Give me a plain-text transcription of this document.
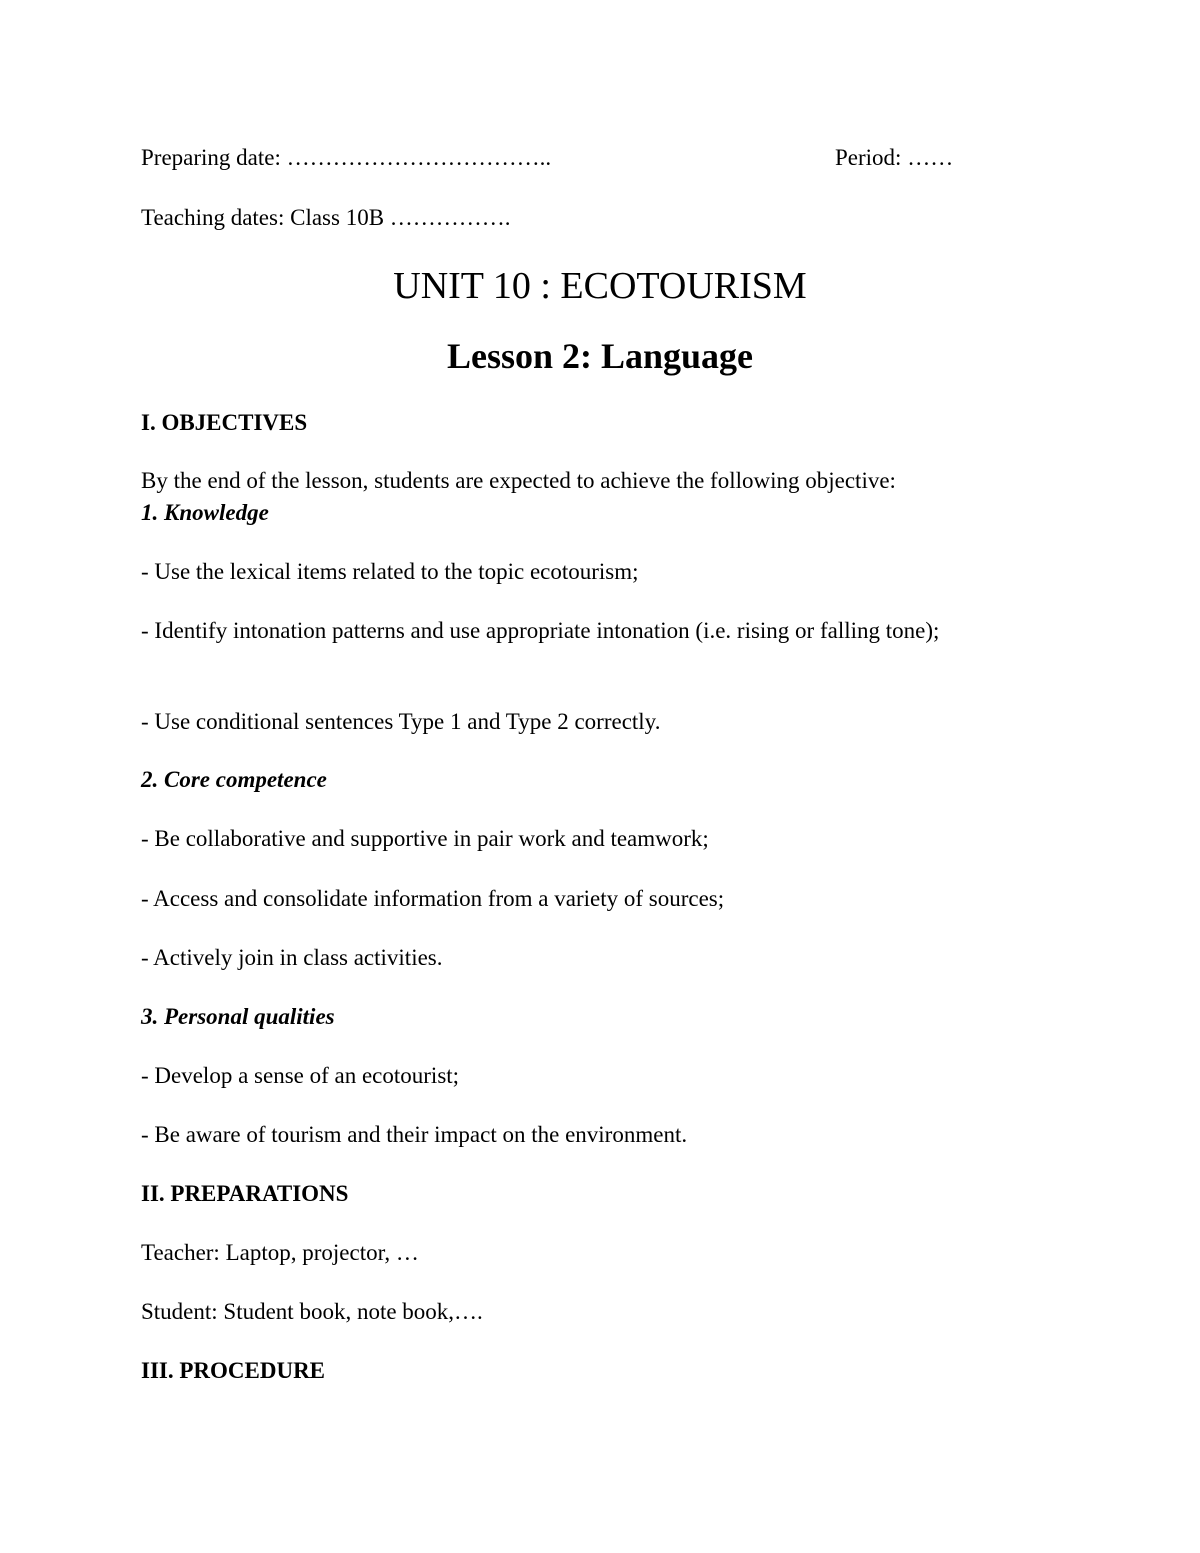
Preparing date: ……………………………..	Period: ……
Teaching dates: Class 10B …………….
UNIT 10 : ECOTOURISM
Lesson 2: Language
I. OBJECTIVES
By the end of the lesson, students are expected to achieve the following objective:
1. Knowledge
- Use the lexical items related to the topic ecotourism;
- Identify intonation patterns and use appropriate intonation (i.e. rising or falling tone);
- Use conditional sentences Type 1 and Type 2 correctly.
2. Core competence
- Be collaborative and supportive in pair work and teamwork;
- Access and consolidate information from a variety of sources;
- Actively join in class activities.
3. Personal qualities
- Develop a sense of an ecotourist;
- Be aware of tourism and their impact on the environment.
II. PREPARATIONS
Teacher: Laptop, projector, …
Student: Student book, note book,….
III. PROCEDURE
